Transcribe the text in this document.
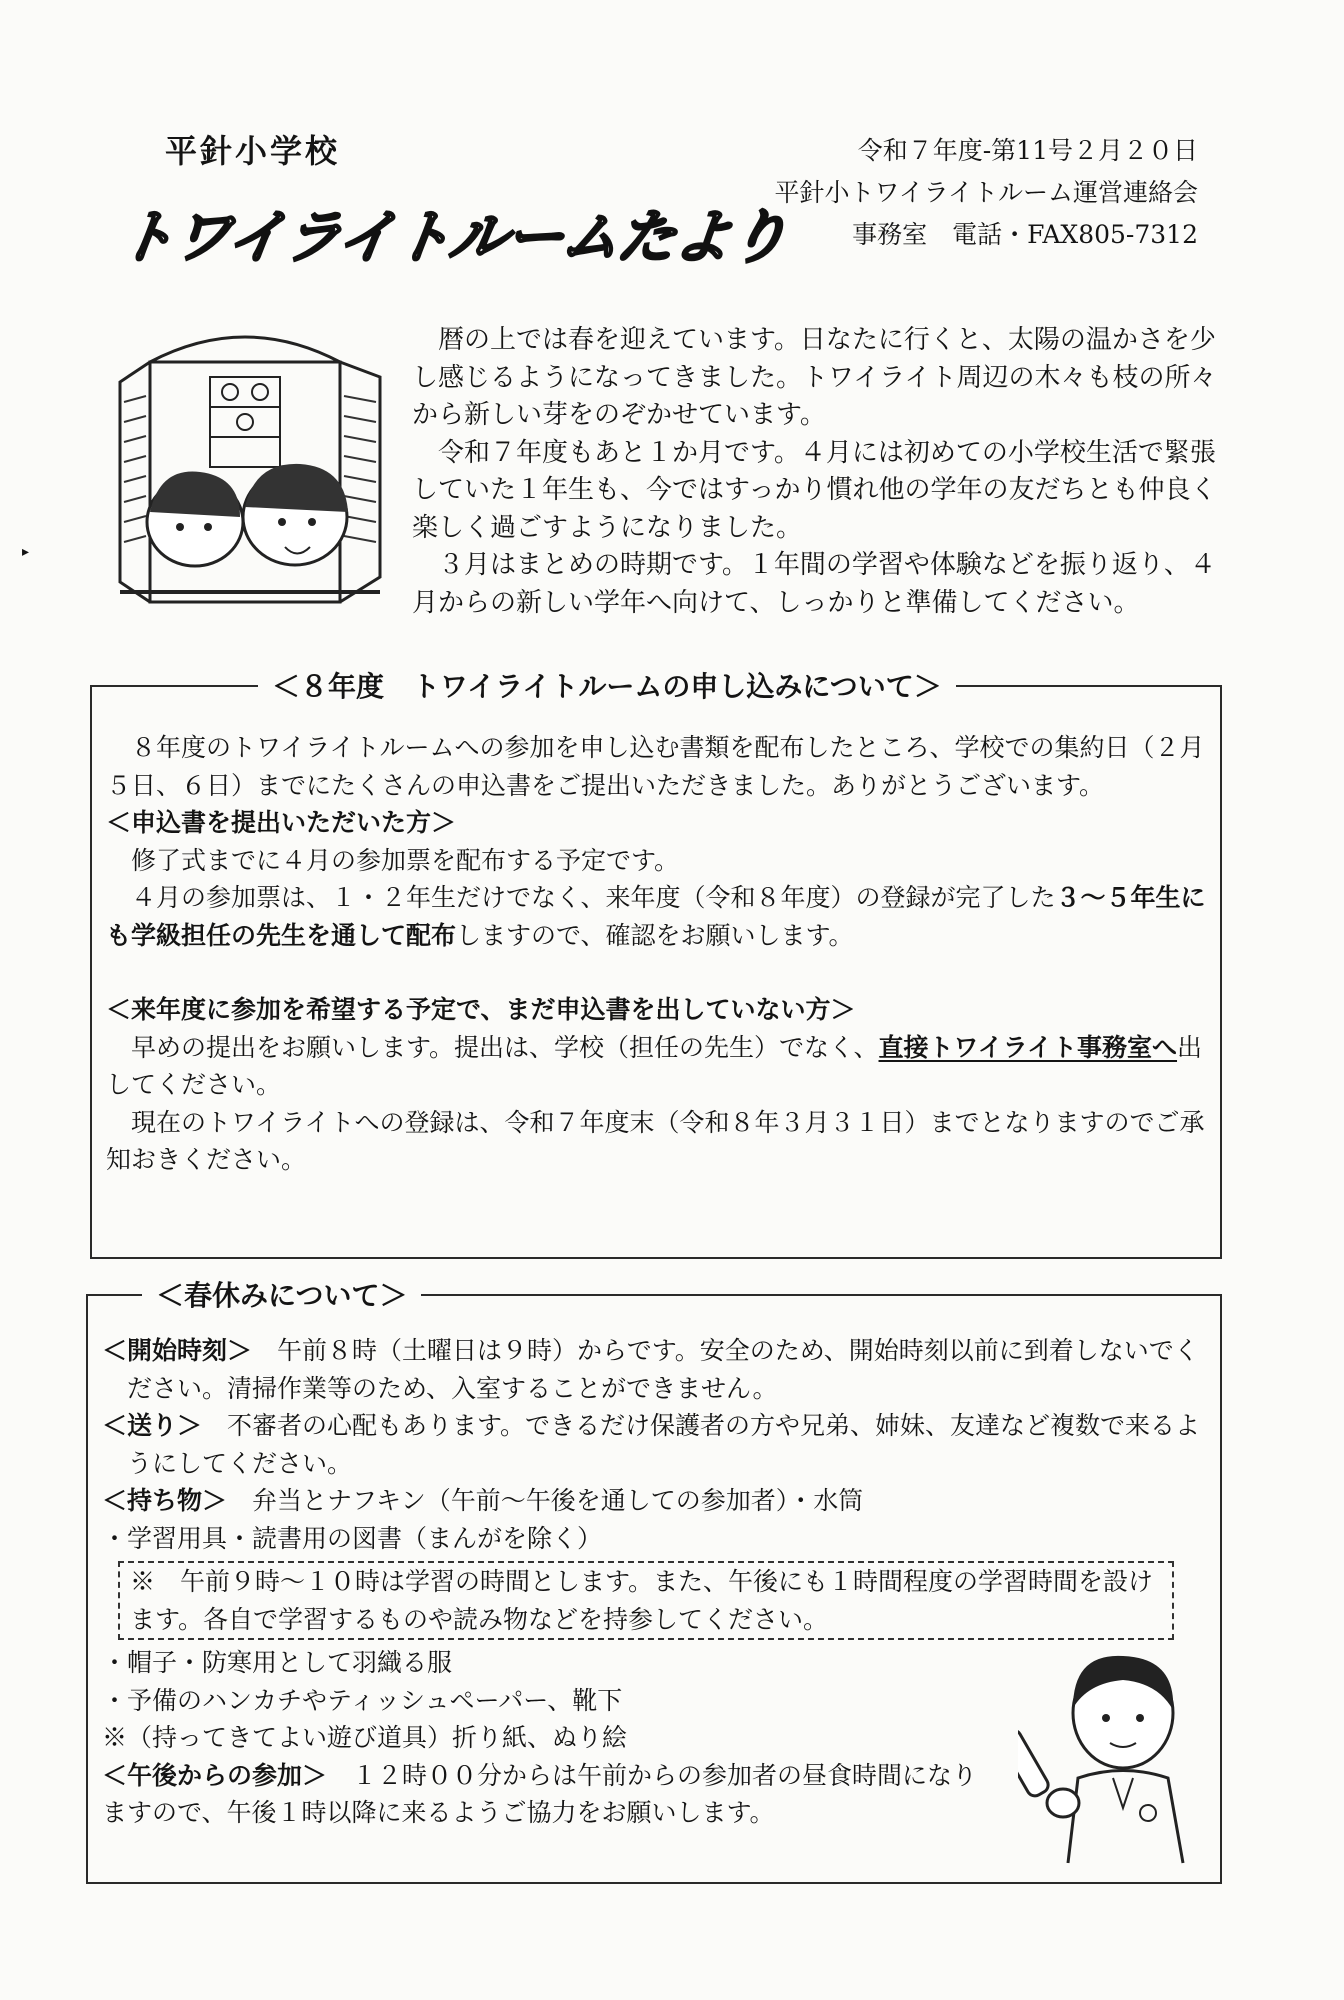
▸
平針小学校
トワイライトルームたより
令和７年度-第11号２月２０日
平針小トワイライトルーム運営連絡会
事務室　電話・FAX805-7312

暦の上では春を迎えています。日なたに行くと、太陽の温かさを少し感じるようになってきました。トワイライト周辺の木々も枝の所々から新しい芽をのぞかせています。

令和７年度もあと１か月です。４月には初めての小学校生活で緊張していた１年生も、今ではすっかり慣れ他の学年の友だちとも仲良く楽しく過ごすようになりました。

３月はまとめの時期です。１年間の学習や体験などを振り返り、４月からの新しい学年へ向けて、しっかりと準備してください。

＜８年度　トワイライトルームの申し込みについて＞

８年度のトワイライトルームへの参加を申し込む書類を配布したところ、学校での集約日（２月５日、６日）までにたくさんの申込書をご提出いただきました。ありがとうございます。

＜申込書を提出いただいた方＞

修了式までに４月の参加票を配布する予定です。

４月の参加票は、１・２年生だけでなく、来年度（令和８年度）の登録が完了した３～５年生にも学級担任の先生を通して配布しますので、確認をお願いします。

＜来年度に参加を希望する予定で、まだ申込書を出していない方＞

早めの提出をお願いします。提出は、学校（担任の先生）でなく、直接トワイライト事務室へ出してください。

現在のトワイライトへの登録は、令和７年度末（令和８年３月３１日）までとなりますのでご承知おきください。

＜春休みについて＞

＜開始時刻＞　 午前８時（土曜日は９時）からです。安全のため、開始時刻以前に到着しないでください。清掃作業等のため、入室することができません。

＜送り＞　 不審者の心配もあります。できるだけ保護者の方や兄弟、姉妹、友達など複数で来るようにしてください。

＜持ち物＞　 弁当とナフキン（午前～午後を通しての参加者）・水筒

・学習用具・読書用の図書（まんがを除く）

※　 午前９時～１０時は学習の時間とします。また、午後にも１時間程度の学習時間を設けます。各自で学習するものや読み物などを持参してください。

・帽子・防寒用として羽織る服

・予備のハンカチやティッシュペーパー、靴下

※（持ってきてよい遊び道具）折り紙、ぬり絵

＜午後からの参加＞　 １２時００分からは午前からの参加者の昼食時間になりますので、午後１時以降に来るようご協力をお願いします。
